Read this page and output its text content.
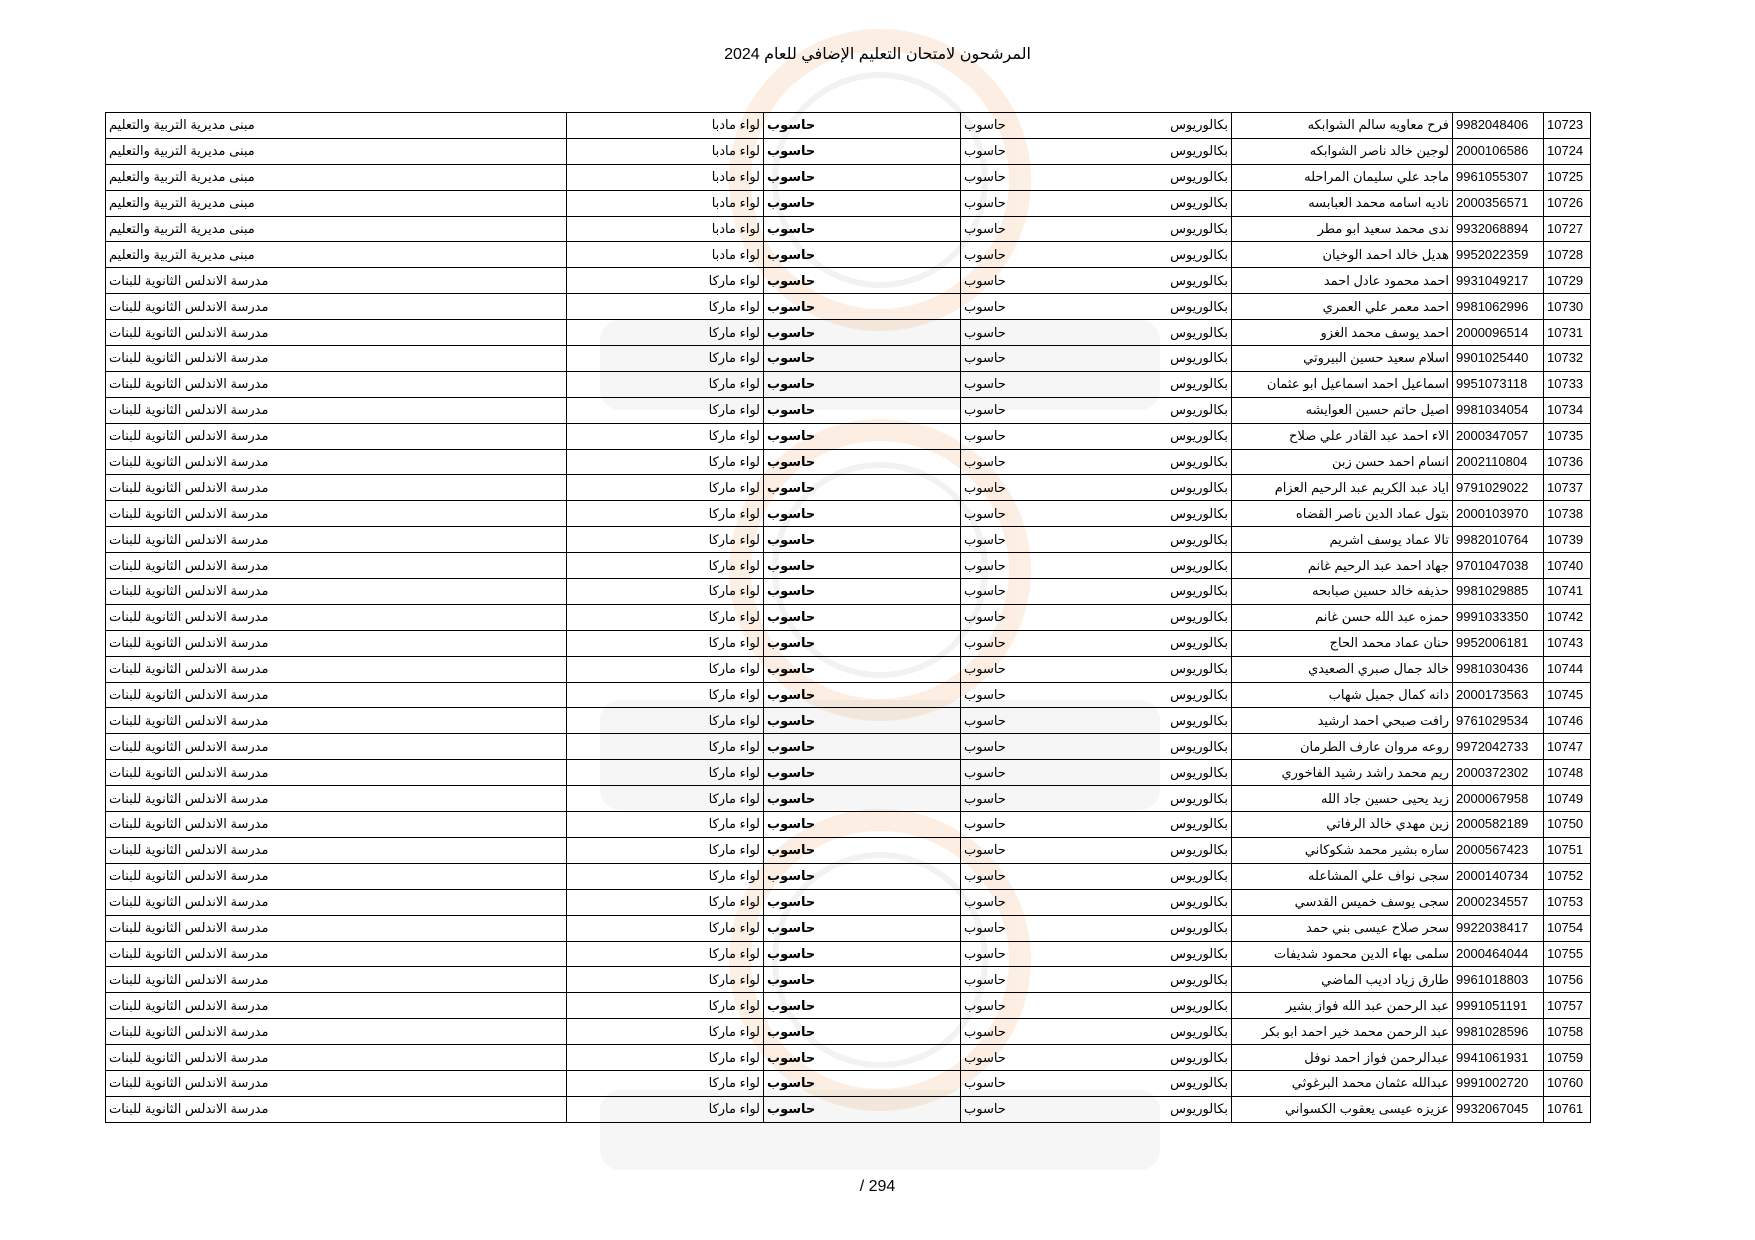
المرشحون لامتحان التعليم الإضافي للعام 2024
10723	9982048406	فرح معاويه سالم الشوابكه	بكالوريوس	حاسوب	حاسوب	لواء مادبا	مبنى مديرية التربية والتعليم
10724	2000106586	لوجين خالد ناصر الشوابكه	بكالوريوس	حاسوب	حاسوب	لواء مادبا	مبنى مديرية التربية والتعليم
10725	9961055307	ماجد علي سليمان المراحله	بكالوريوس	حاسوب	حاسوب	لواء مادبا	مبنى مديرية التربية والتعليم
10726	2000356571	ناديه اسامه محمد العبابسه	بكالوريوس	حاسوب	حاسوب	لواء مادبا	مبنى مديرية التربية والتعليم
10727	9932068894	ندى محمد سعيد ابو مطر	بكالوريوس	حاسوب	حاسوب	لواء مادبا	مبنى مديرية التربية والتعليم
10728	9952022359	هديل خالد احمد الوخيان	بكالوريوس	حاسوب	حاسوب	لواء مادبا	مبنى مديرية التربية والتعليم
10729	9931049217	احمد محمود عادل احمد	بكالوريوس	حاسوب	حاسوب	لواء ماركا	مدرسة الاندلس الثانوية للبنات
10730	9981062996	احمد معمر علي العمري	بكالوريوس	حاسوب	حاسوب	لواء ماركا	مدرسة الاندلس الثانوية للبنات
10731	2000096514	احمد يوسف محمد الغزو	بكالوريوس	حاسوب	حاسوب	لواء ماركا	مدرسة الاندلس الثانوية للبنات
10732	9901025440	اسلام سعيد حسين البيروتي	بكالوريوس	حاسوب	حاسوب	لواء ماركا	مدرسة الاندلس الثانوية للبنات
10733	9951073118	اسماعيل احمد اسماعيل ابو عثمان	بكالوريوس	حاسوب	حاسوب	لواء ماركا	مدرسة الاندلس الثانوية للبنات
10734	9981034054	اصيل حاتم حسين العوايشه	بكالوريوس	حاسوب	حاسوب	لواء ماركا	مدرسة الاندلس الثانوية للبنات
10735	2000347057	الاء احمد عبد القادر علي صلاح	بكالوريوس	حاسوب	حاسوب	لواء ماركا	مدرسة الاندلس الثانوية للبنات
10736	2002110804	انسام احمد حسن زبن	بكالوريوس	حاسوب	حاسوب	لواء ماركا	مدرسة الاندلس الثانوية للبنات
10737	9791029022	اياد عبد الكريم عبد الرحيم العزام	بكالوريوس	حاسوب	حاسوب	لواء ماركا	مدرسة الاندلس الثانوية للبنات
10738	2000103970	بتول عماد الدين ناصر القضاه	بكالوريوس	حاسوب	حاسوب	لواء ماركا	مدرسة الاندلس الثانوية للبنات
10739	9982010764	تالا عماد يوسف اشريم	بكالوريوس	حاسوب	حاسوب	لواء ماركا	مدرسة الاندلس الثانوية للبنات
10740	9701047038	جهاد احمد عبد الرحيم غانم	بكالوريوس	حاسوب	حاسوب	لواء ماركا	مدرسة الاندلس الثانوية للبنات
10741	9981029885	حذيفه خالد حسين صبابحه	بكالوريوس	حاسوب	حاسوب	لواء ماركا	مدرسة الاندلس الثانوية للبنات
10742	9991033350	حمزه عبد الله حسن غانم	بكالوريوس	حاسوب	حاسوب	لواء ماركا	مدرسة الاندلس الثانوية للبنات
10743	9952006181	حنان عماد محمد الحاج	بكالوريوس	حاسوب	حاسوب	لواء ماركا	مدرسة الاندلس الثانوية للبنات
10744	9981030436	خالد جمال صبري الصعيدي	بكالوريوس	حاسوب	حاسوب	لواء ماركا	مدرسة الاندلس الثانوية للبنات
10745	2000173563	دانه كمال جميل شهاب	بكالوريوس	حاسوب	حاسوب	لواء ماركا	مدرسة الاندلس الثانوية للبنات
10746	9761029534	رافت صبحي احمد ارشيد	بكالوريوس	حاسوب	حاسوب	لواء ماركا	مدرسة الاندلس الثانوية للبنات
10747	9972042733	روعه مروان عارف الطرمان	بكالوريوس	حاسوب	حاسوب	لواء ماركا	مدرسة الاندلس الثانوية للبنات
10748	2000372302	ريم محمد راشد رشيد الفاخوري	بكالوريوس	حاسوب	حاسوب	لواء ماركا	مدرسة الاندلس الثانوية للبنات
10749	2000067958	زيد يحيى حسين جاد الله	بكالوريوس	حاسوب	حاسوب	لواء ماركا	مدرسة الاندلس الثانوية للبنات
10750	2000582189	زين مهدي خالد الرفاتي	بكالوريوس	حاسوب	حاسوب	لواء ماركا	مدرسة الاندلس الثانوية للبنات
10751	2000567423	ساره بشير محمد شكوكاني	بكالوريوس	حاسوب	حاسوب	لواء ماركا	مدرسة الاندلس الثانوية للبنات
10752	2000140734	سجى نواف علي المشاعله	بكالوريوس	حاسوب	حاسوب	لواء ماركا	مدرسة الاندلس الثانوية للبنات
10753	2000234557	سجى يوسف خميس القدسي	بكالوريوس	حاسوب	حاسوب	لواء ماركا	مدرسة الاندلس الثانوية للبنات
10754	9922038417	سحر صلاح عيسى بني حمد	بكالوريوس	حاسوب	حاسوب	لواء ماركا	مدرسة الاندلس الثانوية للبنات
10755	2000464044	سلمى بهاء الدين محمود شديفات	بكالوريوس	حاسوب	حاسوب	لواء ماركا	مدرسة الاندلس الثانوية للبنات
10756	9961018803	طارق زياد اديب الماضي	بكالوريوس	حاسوب	حاسوب	لواء ماركا	مدرسة الاندلس الثانوية للبنات
10757	9991051191	عبد الرحمن عبد الله فواز بشير	بكالوريوس	حاسوب	حاسوب	لواء ماركا	مدرسة الاندلس الثانوية للبنات
10758	9981028596	عبد الرحمن محمد خير احمد ابو بكر	بكالوريوس	حاسوب	حاسوب	لواء ماركا	مدرسة الاندلس الثانوية للبنات
10759	9941061931	عبدالرحمن فواز احمد نوفل	بكالوريوس	حاسوب	حاسوب	لواء ماركا	مدرسة الاندلس الثانوية للبنات
10760	9991002720	عبدالله عثمان محمد البرغوثي	بكالوريوس	حاسوب	حاسوب	لواء ماركا	مدرسة الاندلس الثانوية للبنات
10761	9932067045	عزيزه عيسى يعقوب الكسواني	بكالوريوس	حاسوب	حاسوب	لواء ماركا	مدرسة الاندلس الثانوية للبنات
294 /
